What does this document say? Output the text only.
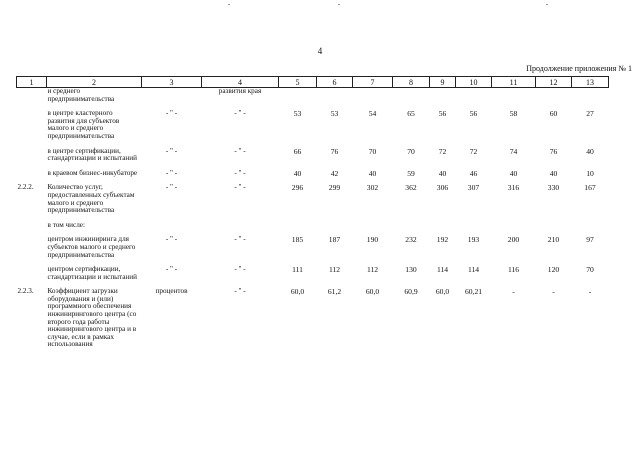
4
Продолжение приложения № 1
1	2	3	4	5	6	7	8	9	10	11	12	13
	и среднего предпринимательства		развития края									
	в центре кластерного развития для субъектов малого и среднего предпринимательства	- " -	- " -	53	53	54	65	56	56	58	60	27
	в центре сертификации, стандартизации и испытаний	- " -	- " -	66	76	70	70	72	72	74	76	40
	в краевом бизнес-инкубаторе	- " -	- " -	40	42	40	59	40	46	40	40	10
2.2.2.	Количество услуг, предоставленных субъектам малого и среднего предпринимательства	- " -	- " -	296	299	302	362	306	307	316	330	167
	в том числе:											
	центром инжиниринга для субъектов малого и среднего предпринимательства	- " -	- " -	185	187	190	232	192	193	200	210	97
	центром сертификации, стандартизации и испытаний	- " -	- " -	111	112	112	130	114	114	116	120	70
2.2.3.	Коэффициент загрузки оборудования и (или) программного обеспечения инжинирингового центра (со второго года работы инжинирингового центра и в случае, если в рамках использования	процентов	- " -	60,0	61,2	60,0	60,9	60,0	60,21	-	-	-
